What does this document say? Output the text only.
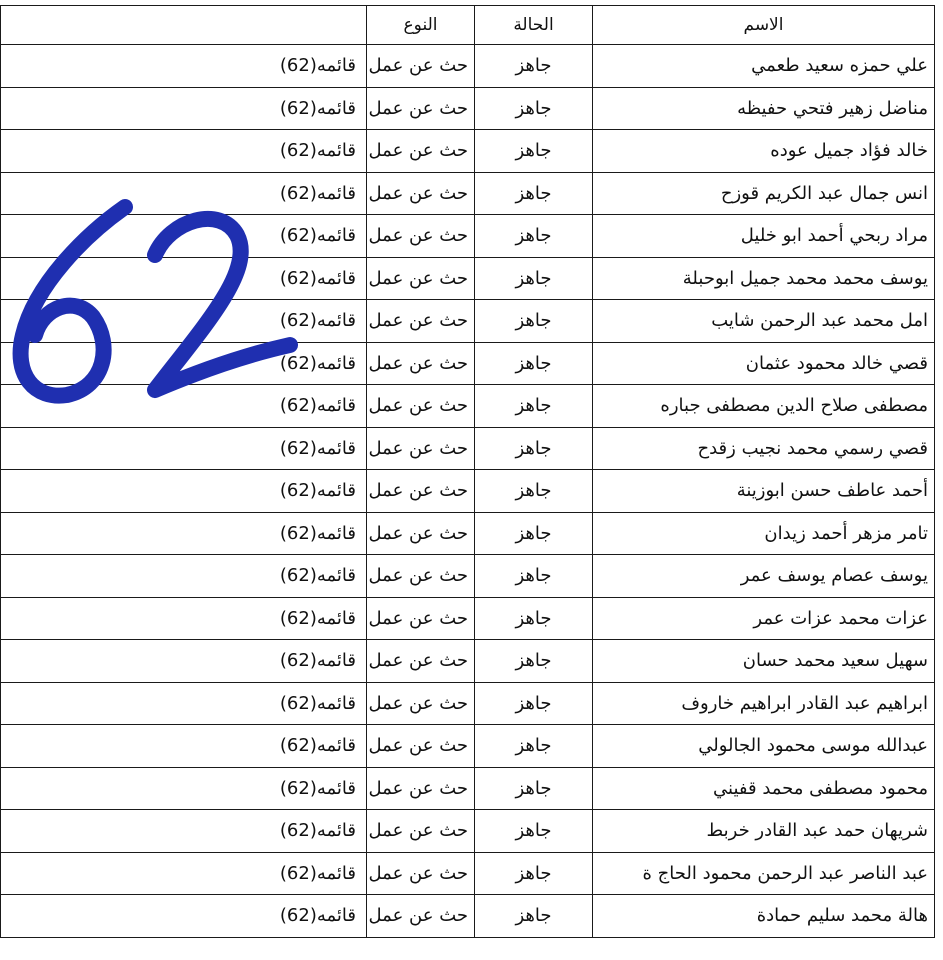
	النوع	الحالة	الاسم
قائمه(62)	حث عن عمل	جاهز	علي حمزه سعيد طعمي
قائمه(62)	حث عن عمل	جاهز	مناضل زهير فتحي حفيظه
قائمه(62)	حث عن عمل	جاهز	خالد فؤاد جميل عوده
قائمه(62)	حث عن عمل	جاهز	انس جمال عبد الكريم قوزح
قائمه(62)	حث عن عمل	جاهز	مراد ربحي أحمد ابو خليل
قائمه(62)	حث عن عمل	جاهز	يوسف محمد محمد جميل ابوحبلة
قائمه(62)	حث عن عمل	جاهز	امل محمد عبد الرحمن شايب
قائمه(62)	حث عن عمل	جاهز	قصي خالد محمود عثمان
قائمه(62)	حث عن عمل	جاهز	مصطفى صلاح الدين مصطفى جباره
قائمه(62)	حث عن عمل	جاهز	قصي رسمي محمد نجيب زقدح
قائمه(62)	حث عن عمل	جاهز	أحمد عاطف حسن ابوزينة
قائمه(62)	حث عن عمل	جاهز	تامر مزهر أحمد زيدان
قائمه(62)	حث عن عمل	جاهز	يوسف عصام يوسف عمر
قائمه(62)	حث عن عمل	جاهز	عزات محمد عزات عمر
قائمه(62)	حث عن عمل	جاهز	سهيل سعيد محمد حسان
قائمه(62)	حث عن عمل	جاهز	ابراهيم عبد القادر ابراهيم خاروف
قائمه(62)	حث عن عمل	جاهز	عبدالله موسى محمود الجالولي
قائمه(62)	حث عن عمل	جاهز	محمود مصطفى محمد قفيني
قائمه(62)	حث عن عمل	جاهز	شريهان حمد عبد القادر خربط
قائمه(62)	حث عن عمل	جاهز	عبد الناصر عبد الرحمن محمود الحاج ة
قائمه(62)	حث عن عمل	جاهز	هالة محمد سليم حمادة
